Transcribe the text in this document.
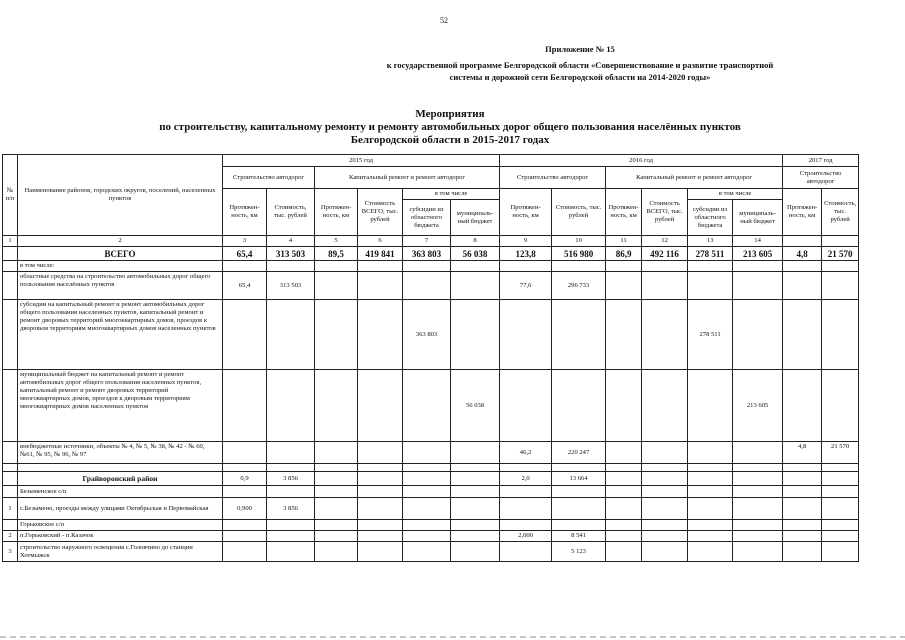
52
Приложение № 15
к государственной программе Белгородской области «Совершенствование и развитие транспортной системы и дорожной сети Белгородской области на 2014-2020 годы»
Мероприятия
по строительству, капитальному ремонту и ремонту автомобильных дорог общего пользования населённых пунктов
Белгородской области в 2015-2017 годах
№ п/п	Наименование районов, городских округов, поселений, населенных пунктов	2015 год						2016 год						2017 год	
		Строительство автодорог		Капитальный ремонт и ремонт автодорог				Строительство автодорог		Капитальный ремонт и ремонт автодорог				Строительство автодорог	
		Протяжен-ность, км	Стоимость, тыс. рублей	Протяжен-ность, км	Стоимость ВСЕГО, тыс. рублей	в том числе		Протяжен-ность, км	Стоимость, тыс. рублей	Протяжен-ность, км	Стоимость ВСЕГО, тыс. рублей	в том числе		Протяжен-ность, км	Стоимость, тыс. рублей
						субсидии из областного бюджета	муниципаль-ный бюджет					субсидии из областного бюджета	муниципаль-ный бюджет		
1	2	3	4	5	6	7	8	9	10	11	12	13	14		
	ВСЕГО	65,4	313 503	89,5	419 841	363 803	56 038	123,8	516 980	86,9	492 116	278 511	213 605	4,8	21 570
	в том числе:														
	областные средства на строительство автомобильных дорог общего пользования населённых пунктов	65,4	313 503					77,6	296 733						
	субсидии на капитальный ремонт и ремонт автомобильных дорог общего пользования населенных пунктов, капитальный ремонт и ремонт дворовых территорий многоквартирных домов, проездов к дворовым территориям многоквартирных домов населенных пунктов					363 803						278 511			
	муниципальный бюджет на капитальный ремонт и ремонт автомобильных дорог общего пользования населенных пунктов, капитальный ремонт и ремонт дворовых территорий многоквартирных домов, проездов к дворовым территориям многоквартирных домов населенных пунктов						56 038						213 605		
	внебюджетные источники, объекты № 4, № 5, № 38, № 42 - № 60, №61, № 95, № 96, № 97							46,2	220 247					4,8	21 570

	Грайворонский район	0,9	3 856					2,0	13 664						
	Безыменское с/п														
1	с.Безымено, проезды между улицами Октябрьская и Первомайская	0,900	3 856												
	Горьковское с/п														
2	п.Горьковский - п.Казачок							2,000	8 541						
3	строительство наружного освещения с.Головчино до станции Хотмыжск								5 123						
